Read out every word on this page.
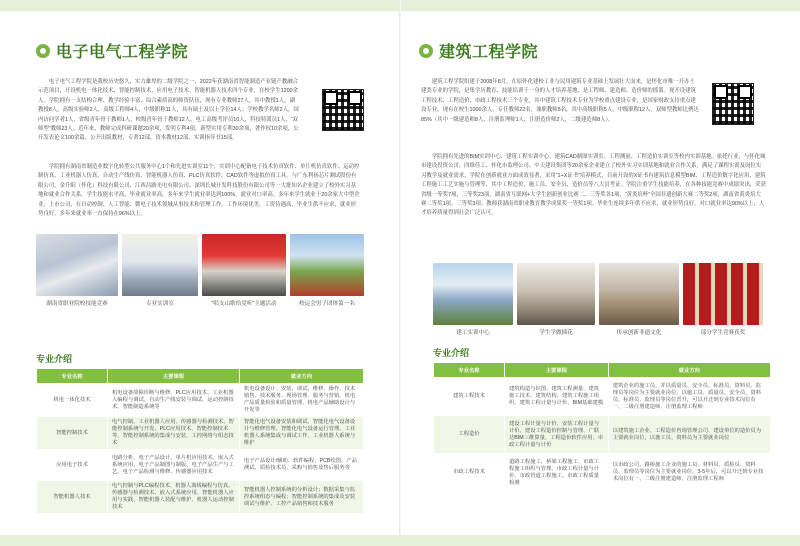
电子电气工程学院
电子电气工程学院是我校历史悠久，实力雄厚的二级学院之一，2022年获湖南省智能制造产业链产教融合示范项目，开设机电一体化技术、智能控制技术、应用电子技术、智能机器人技术四个专业，在校学生1200余人。学院拥有一支结构合理、教学经验丰富、综合素质高的师资队伍，现有专业教师27人，其中教授1人，副教授8人，高级实验师2人，高级工程师4人，中级职称11人，具有硕士及以上学位14人；学校教学名师2人，国内访问学者1人，省级青年骨干教师1人，校级青年骨干教师12人，电工高级考评员10人，科技特派员1人，“双师型”教师23人。近年来，教师完成科研课题20余项，发明专利4项，新型实用专利30余项，著作权10余项，公开发表论文100余篇，公开出版教材，专著12部，资本教材12部，实训指导书15部。
学院拥有湖南省制造业数字化转型公共服务中心1个和先进实训室11个，实训中心配备电子技术仿真软件、单片机仿真软件、运动控制仿真、工业机器人仿真、自动生产线仿真、智能机器人仿真、PLC仿真软件、CAD软件等虚拟仿真工具。与广东利扬芯片测试股份有限公司、金升阳（怀化）科技有限公司、江西昌路光电有限公司、深圳长城开发科技股份有限公司等一大批知名企业建立了校外实习基地和就业合作关系。学生技能水平高，毕业就业率高，多年来学生就业率达到100%，就业对口率高。多年来学生就业于20余家大中型企业，上市公司，在自动控制、人工智能、微电子技术领域从事技术和管理工作，工作环境优美，工资待遇高，毕业生供不应求，就业形势良好，多年来就业率一直保持在96%以上。
湖南省职业院校技能竞赛	专业实训室	“唱支山歌给党听”主题活动	校运会男子团体第一名
专业介绍
专业名称	主要课程	就业方向
机电一体化技术	机电设备故障诊断与维修、PLC应用技术、工业机器人编程与调试、自动生产线安装与调试、运动控制技术、智能制造系统等	机电设备设计、安装、调试、维修、操作、技术销售、技术服务、现场管理、服务与营销、机电产品质量检验和质量管理、机电产品辅助设计与开发等
智能控制技术	电气控制、工业机器人应用、传感器与检测技术、智能控制系统与开发、PLC应用技术、智能控制技术等、智能控制系统的集成与安装、工控网络与组态技术	智能化电气设备安装和调试、智能化电气设备设计与维修管理、智能化电气设备运行管理、工业机器人系统集成与调试工作、工业机器人系统与维护
应用电子技术	电路分析、电子产品设计、单片机应用技术、嵌入式系统应用、电子产品制图与制版、电子产品生产与工艺、电子产品检测与维修、传感器应用技术	电子产品设计/辅助、软件编程、PCB绘图、产品测试、质检技术员、采购与销售及售后服务等
智能机器人技术	电气控制与PLC编程技术、机器人离线编程与仿真、传感器与检测技术、嵌入式系统应用、智能机器人应用与实践、智能机器人装配与维护、机器人运动控制技术	智能机器人控制系统的分析设计；数据采集与监控系统组态与编程；智能控制系统的集成及安装调试与维护、工控产品销售和技术服务
建筑工程学院
建筑工程学院组建于2008年8月，在原怀化建校工业与民用建筑专业基础上发展壮大而来，是怀化市唯一开办土建类专业的学院，是集学历教育、技能培训于一身的人才培养基地，是工程师、建造师、造价师的摇篮。现开设建筑工程技术、工程造价、市政工程技术三个专业，其中建筑工程技术专业为学校重点建设专业，是国家财政支持重点建设专业。现有在校生1000余人，专任教师22名，兼职教师5名，其中高级职称5人，中级职称12人，双师型教师比例达85%（其中一级建造师8人，注册监理师1人，注册造价师2人，二级建造师8人）。
学院拥有先进的BIM实训中心、建筑工程实训中心、建筑CAD制图实训室、工程测量、工程造价实训室等校内实训基地。依托行业，与怀化城市建设投资公司、四维佳工、怀化市监理公司、中天建设集团等20余家企业建立了校外实习实训基地和就业合作关系，满足了课程实训及岗位实习教学及就业需求。学院在创新就业方面成效显著，采用“1+X证书”培养模式，目前开设的X证书有建筑信息模型BIM、工程造价数字化应用、建筑工程施工工艺实施与管理等，其中工程造价、施工员、安全员、造价员等八大员考证。学院注重学生技能培养，在各种技能竞赛中成绩突出，荣获省级一等奖7项，三等奖23项，湖南省互联网+大学生创新创业比赛二、三等奖各1项，“黄炎培杯”全国非遗创新大赛二等奖2项，湖南省黄炎培大赛二等奖1项，三等奖3项；教师获湖南省职业教育教学成果奖一等奖1项。毕业生连续多年供不应求，就业形势良好，对口就业率达90%以上，人才培养质量得到社会广泛认可。
建工实训中心	学生学做插花	传承创新非遗文化	部分学生竞赛获奖
专业介绍
专业名称	主要课程	就业方向
建筑工程技术	建筑构造与识图、建筑工程测量、建筑施工技术、建筑结构、建筑工程施工组织、建筑工程计量与计价、BIM基础建模	建筑企业的施工员，并以质量员、安全员、标准员、资料员、监理员等岗位为主要就业岗位，以施工员、质量员、安全员、资料员、标准员、监理员等岗位晋升，可以升迁到专业技术岗位有一、二级注册建造师、注册监理工程师
工程造价	建设工程计量与计价、安装工程计量与计价、建设工程造价控制与管理、广联达BIM三维算量、工程造价软件应用、市政工程计量与计价	以建筑施工企业、工程造价咨询管理公司、建设单位的造价员为主要就业岗位，以施工员、资料员为主要就业岗位
市政工程技术	道路工程施工、桥梁工程施工、市政工程施工组织与管理、市政工程计量与计价、市政管道工程施工、市政工程质量检测	以市政公司、路桥施工企业的施工员、材料员、质检员、资料员、监理员等岗位为主要就业岗位，3-5年后，可以升迁到专业技术岗位有一、二级注册建造师、注册监理工程师
